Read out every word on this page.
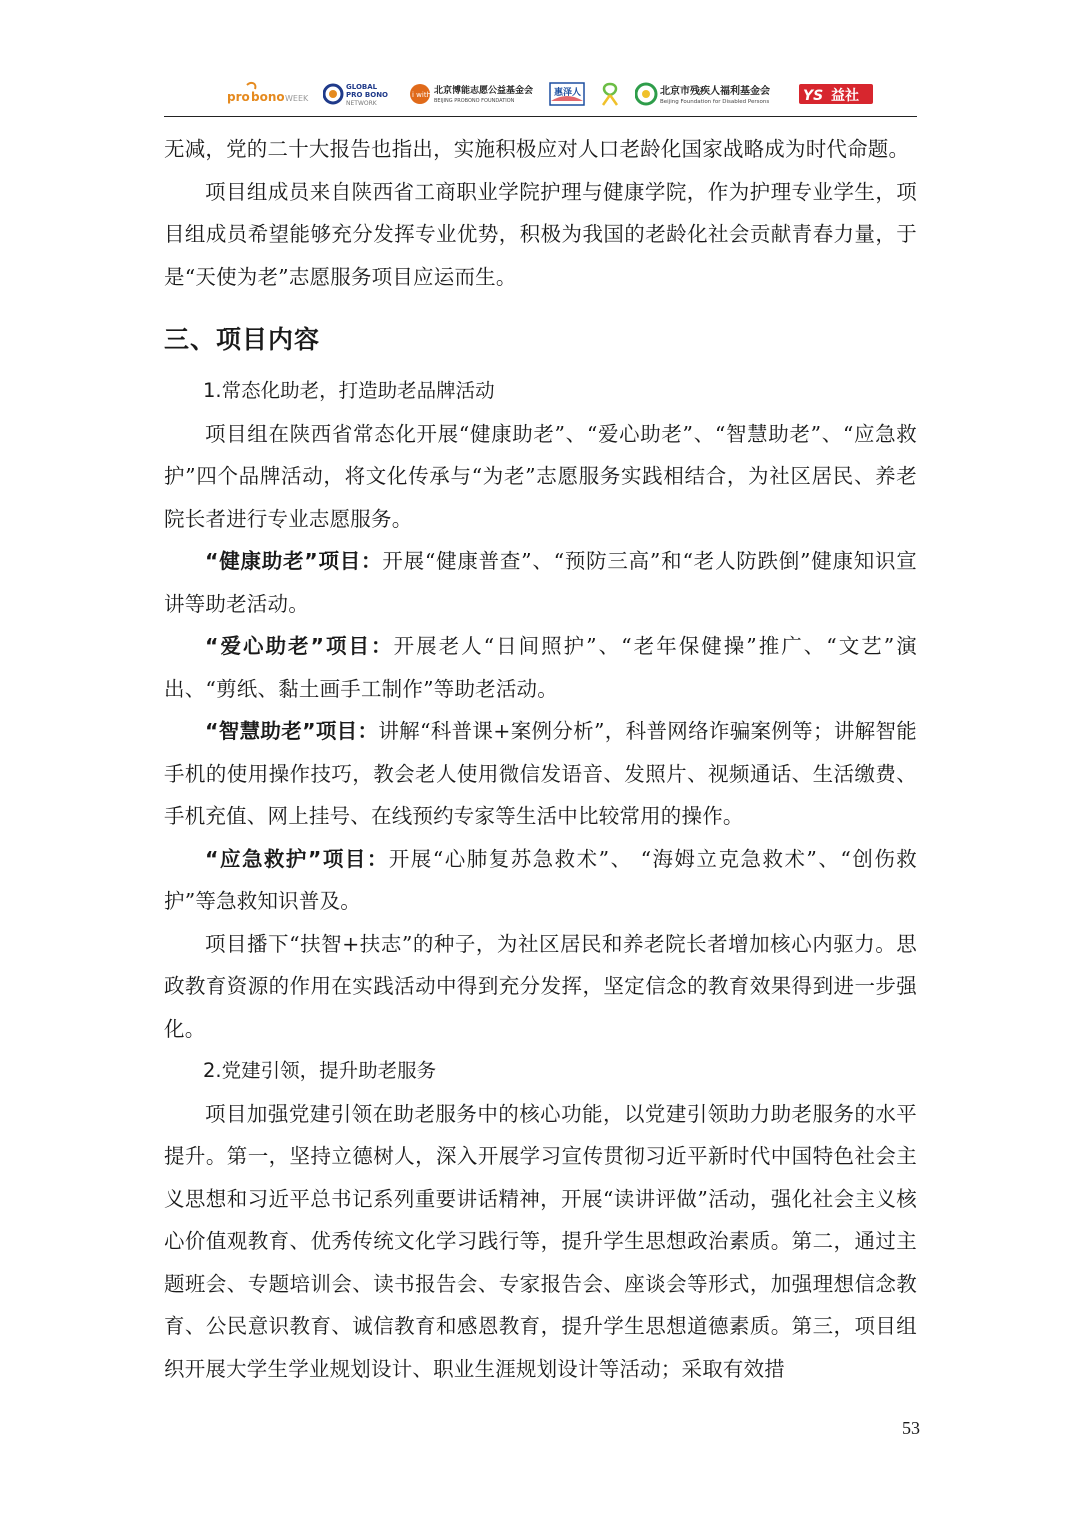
pro bono WEEK
GLOBAL
PRO BONO
NETWORK
i with 北京博能志愿公益基金会
BEIJING PROBONO FOUNDATION
惠泽人	北京市残疾人福利基金会
Beijing Foundation for Disabled Persons YS 益社

无减，党的二十大报告也指出，实施积极应对人口老龄化国家战略成为时代命题。

项目组成员来自陕西省工商职业学院护理与健康学院，作为护理专业学生，项目组成员希望能够充分发挥专业优势，积极为我国的老龄化社会贡献青春力量，于是“天使为老”志愿服务项目应运而生。

三、项目内容

1.常态化助老，打造助老品牌活动

项目组在陕西省常态化开展“健康助老”、“爱心助老”、“智慧助老”、“应急救护”四个品牌活动，将文化传承与“为老”志愿服务实践相结合，为社区居民、养老院长者进行专业志愿服务。

“健康助老”项目：开展“健康普查”、“预防三高”和“老人防跌倒”健康知识宣讲等助老活动。

“爱心助老”项目：开展老人“日间照护”、“老年保健操”推广、“文艺”演出、“剪纸、黏土画手工制作”等助老活动。

“智慧助老”项目：讲解“科普课+案例分析”，科普网络诈骗案例等；讲解智能手机的使用操作技巧，教会老人使用微信发语音、发照片、视频通话、生活缴费、手机充值、网上挂号、在线预约专家等生活中比较常用的操作。

“应急救护”项目：开展“心肺复苏急救术”、 “海姆立克急救术”、“创伤救护”等急救知识普及。

项目播下“扶智+扶志”的种子，为社区居民和养老院长者增加核心内驱力。思政教育资源的作用在实践活动中得到充分发挥，坚定信念的教育效果得到进一步强化。

2.党建引领，提升助老服务

项目加强党建引领在助老服务中的核心功能，以党建引领助力助老服务的水平提升。第一，坚持立德树人，深入开展学习宣传贯彻习近平新时代中国特色社会主义思想和习近平总书记系列重要讲话精神，开展“读讲评做”活动，强化社会主义核心价值观教育、优秀传统文化学习践行等，提升学生思想政治素质。第二，通过主题班会、专题培训会、读书报告会、专家报告会、座谈会等形式，加强理想信念教育、公民意识教育、诚信教育和感恩教育，提升学生思想道德素质。第三，项目组织开展大学生学业规划设计、职业生涯规划设计等活动；采取有效措

53
